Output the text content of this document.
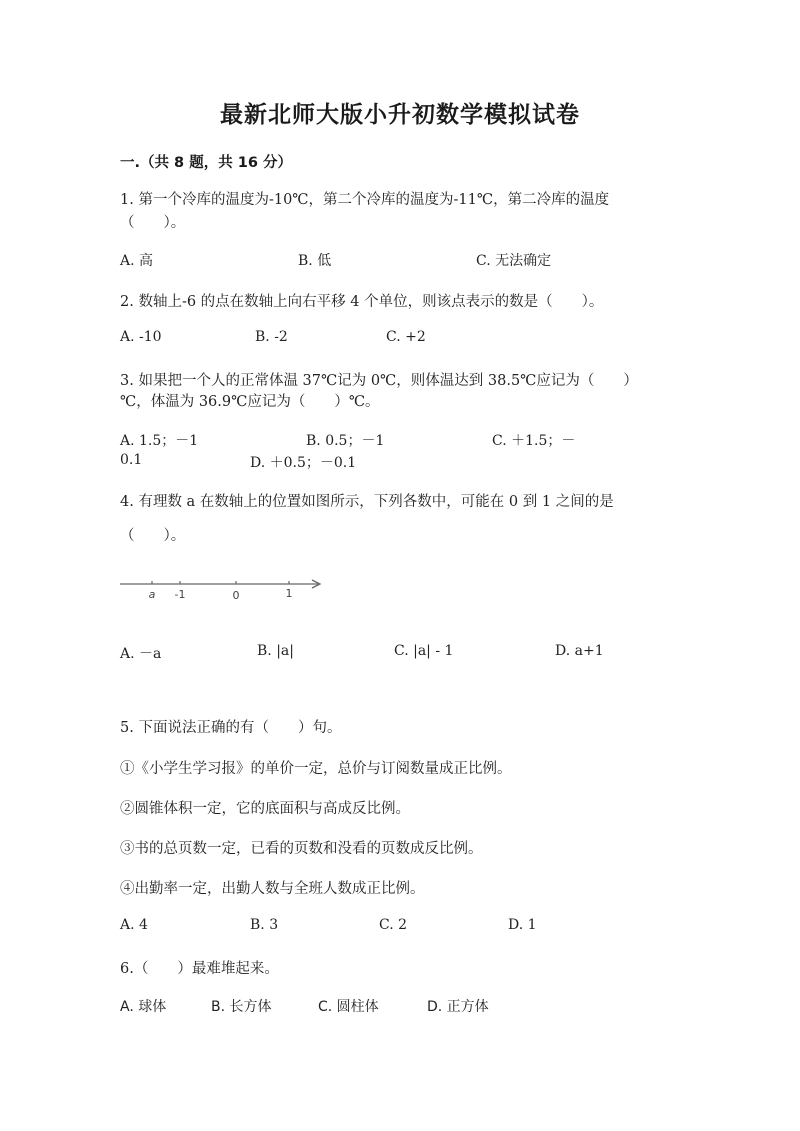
最新北师大版小升初数学模拟试卷
一.（共 8 题，共 16 分）
1. 第一个冷库的温度为-10℃，第二个冷库的温度为-11℃，第二冷库的温度
（　　）。
A. 高	B. 低	C. 无法确定
2. 数轴上-6 的点在数轴上向右平移 4 个单位，则该点表示的数是（　　）。
A. -10	B. -2	C. +2
3. 如果把一个人的正常体温 37℃记为 0℃，则体温达到 38.5℃应记为（　　）
℃，体温为 36.9℃应记为（　　）℃。
A. 1.5；－1	B. 0.5；－1	C. ＋1.5；－
0.1	D. ＋0.5；－0.1
4. 有理数 a 在数轴上的位置如图所示，下列各数中，可能在 0 到 1 之间的是
（　　）。
a -1	0	1
A. －a	B. |a|	C. |a| - 1	D. a+1
5. 下面说法正确的有（　　）句。
①《小学生学习报》的单价一定，总价与订阅数量成正比例。
②圆锥体积一定，它的底面积与高成反比例。
③书的总页数一定，已看的页数和没看的页数成反比例。
④出勤率一定，出勤人数与全班人数成正比例。
A. 4	B. 3	C. 2	D. 1
6.（　　）最难堆起来。
A. 球体	B. 长方体	C. 圆柱体	D. 正方体
